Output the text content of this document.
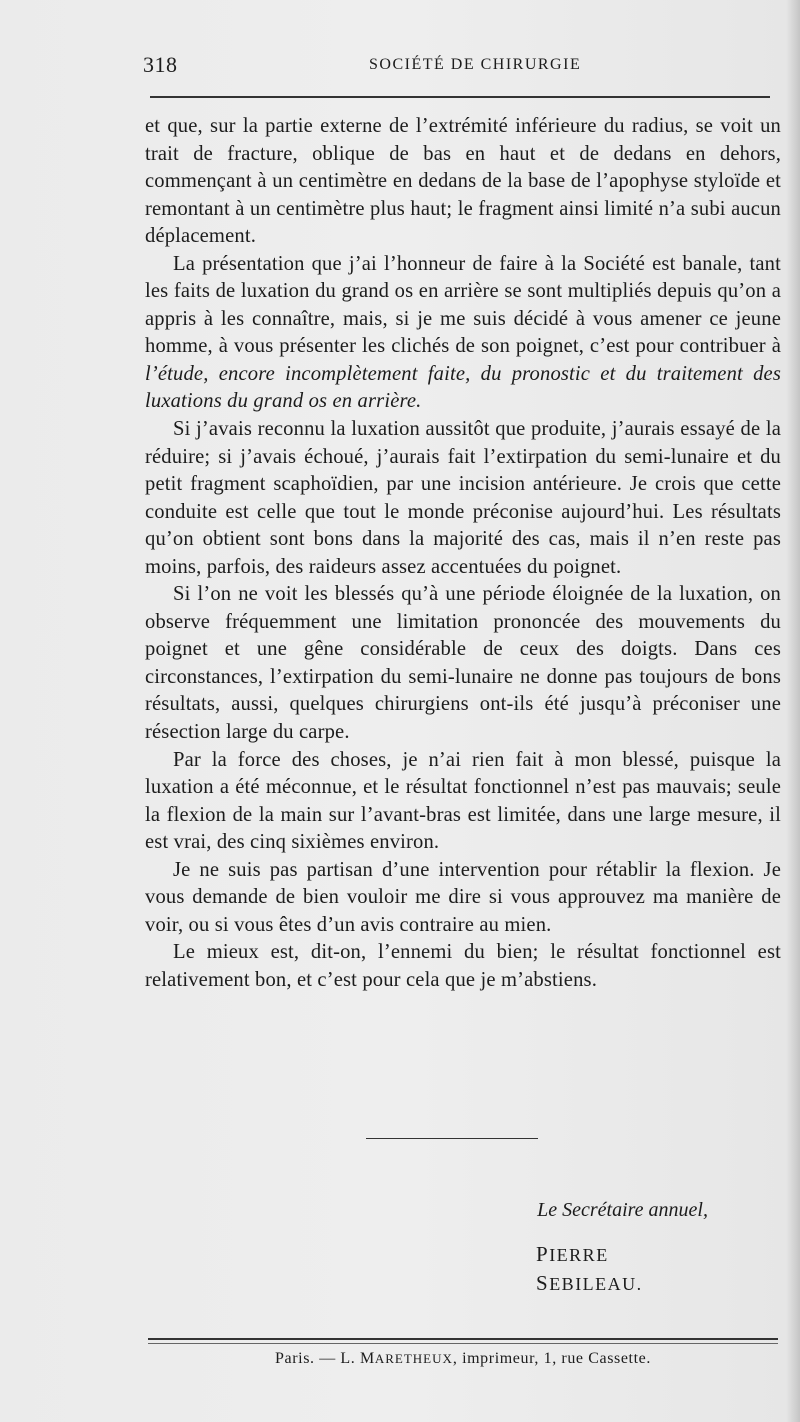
318	SOCIÉTÉ DE CHIRURGIE

et que, sur la partie externe de l’extrémité inférieure du radius, se voit un trait de fracture, oblique de bas en haut et de dedans en dehors, commençant à un centimètre en dedans de la base de l’apophyse styloïde et remontant à un centimètre plus haut; le fragment ainsi limité n’a subi aucun déplacement.

La présentation que j’ai l’honneur de faire à la Société est banale, tant les faits de luxation du grand os en arrière se sont multipliés depuis qu’on a appris à les connaître, mais, si je me suis décidé à vous amener ce jeune homme, à vous présenter les clichés de son poignet, c’est pour contribuer à l’étude, encore incomplètement faite, du pronostic et du traitement des luxations du grand os en arrière.

Si j’avais reconnu la luxation aussitôt que produite, j’aurais essayé de la réduire; si j’avais échoué, j’aurais fait l’extirpation du semi-lunaire et du petit fragment scaphoïdien, par une incision antérieure. Je crois que cette conduite est celle que tout le monde préconise aujourd’hui. Les résultats qu’on obtient sont bons dans la majorité des cas, mais il n’en reste pas moins, parfois, des raideurs assez accentuées du poignet.

Si l’on ne voit les blessés qu’à une période éloignée de la luxation, on observe fréquemment une limitation prononcée des mouvements du poignet et une gêne considérable de ceux des doigts. Dans ces circonstances, l’extirpation du semi-lunaire ne donne pas toujours de bons résultats, aussi, quelques chirurgiens ont-ils été jusqu’à préconiser une résection large du carpe.

Par la force des choses, je n’ai rien fait à mon blessé, puisque la luxation a été méconnue, et le résultat fonctionnel n’est pas mauvais; seule la flexion de la main sur l’avant-bras est limitée, dans une large mesure, il est vrai, des cinq sixièmes environ.

Je ne suis pas partisan d’une intervention pour rétablir la flexion. Je vous demande de bien vouloir me dire si vous approuvez ma manière de voir, ou si vous êtes d’un avis contraire au mien.

Le mieux est, dit-on, l’ennemi du bien; le résultat fonctionnel est relativement bon, et c’est pour cela que je m’abstiens.

Le Secrétaire annuel,
PIERRE SEBILEAU.
Paris. — L. MARETHEUX, imprimeur, 1, rue Cassette.
